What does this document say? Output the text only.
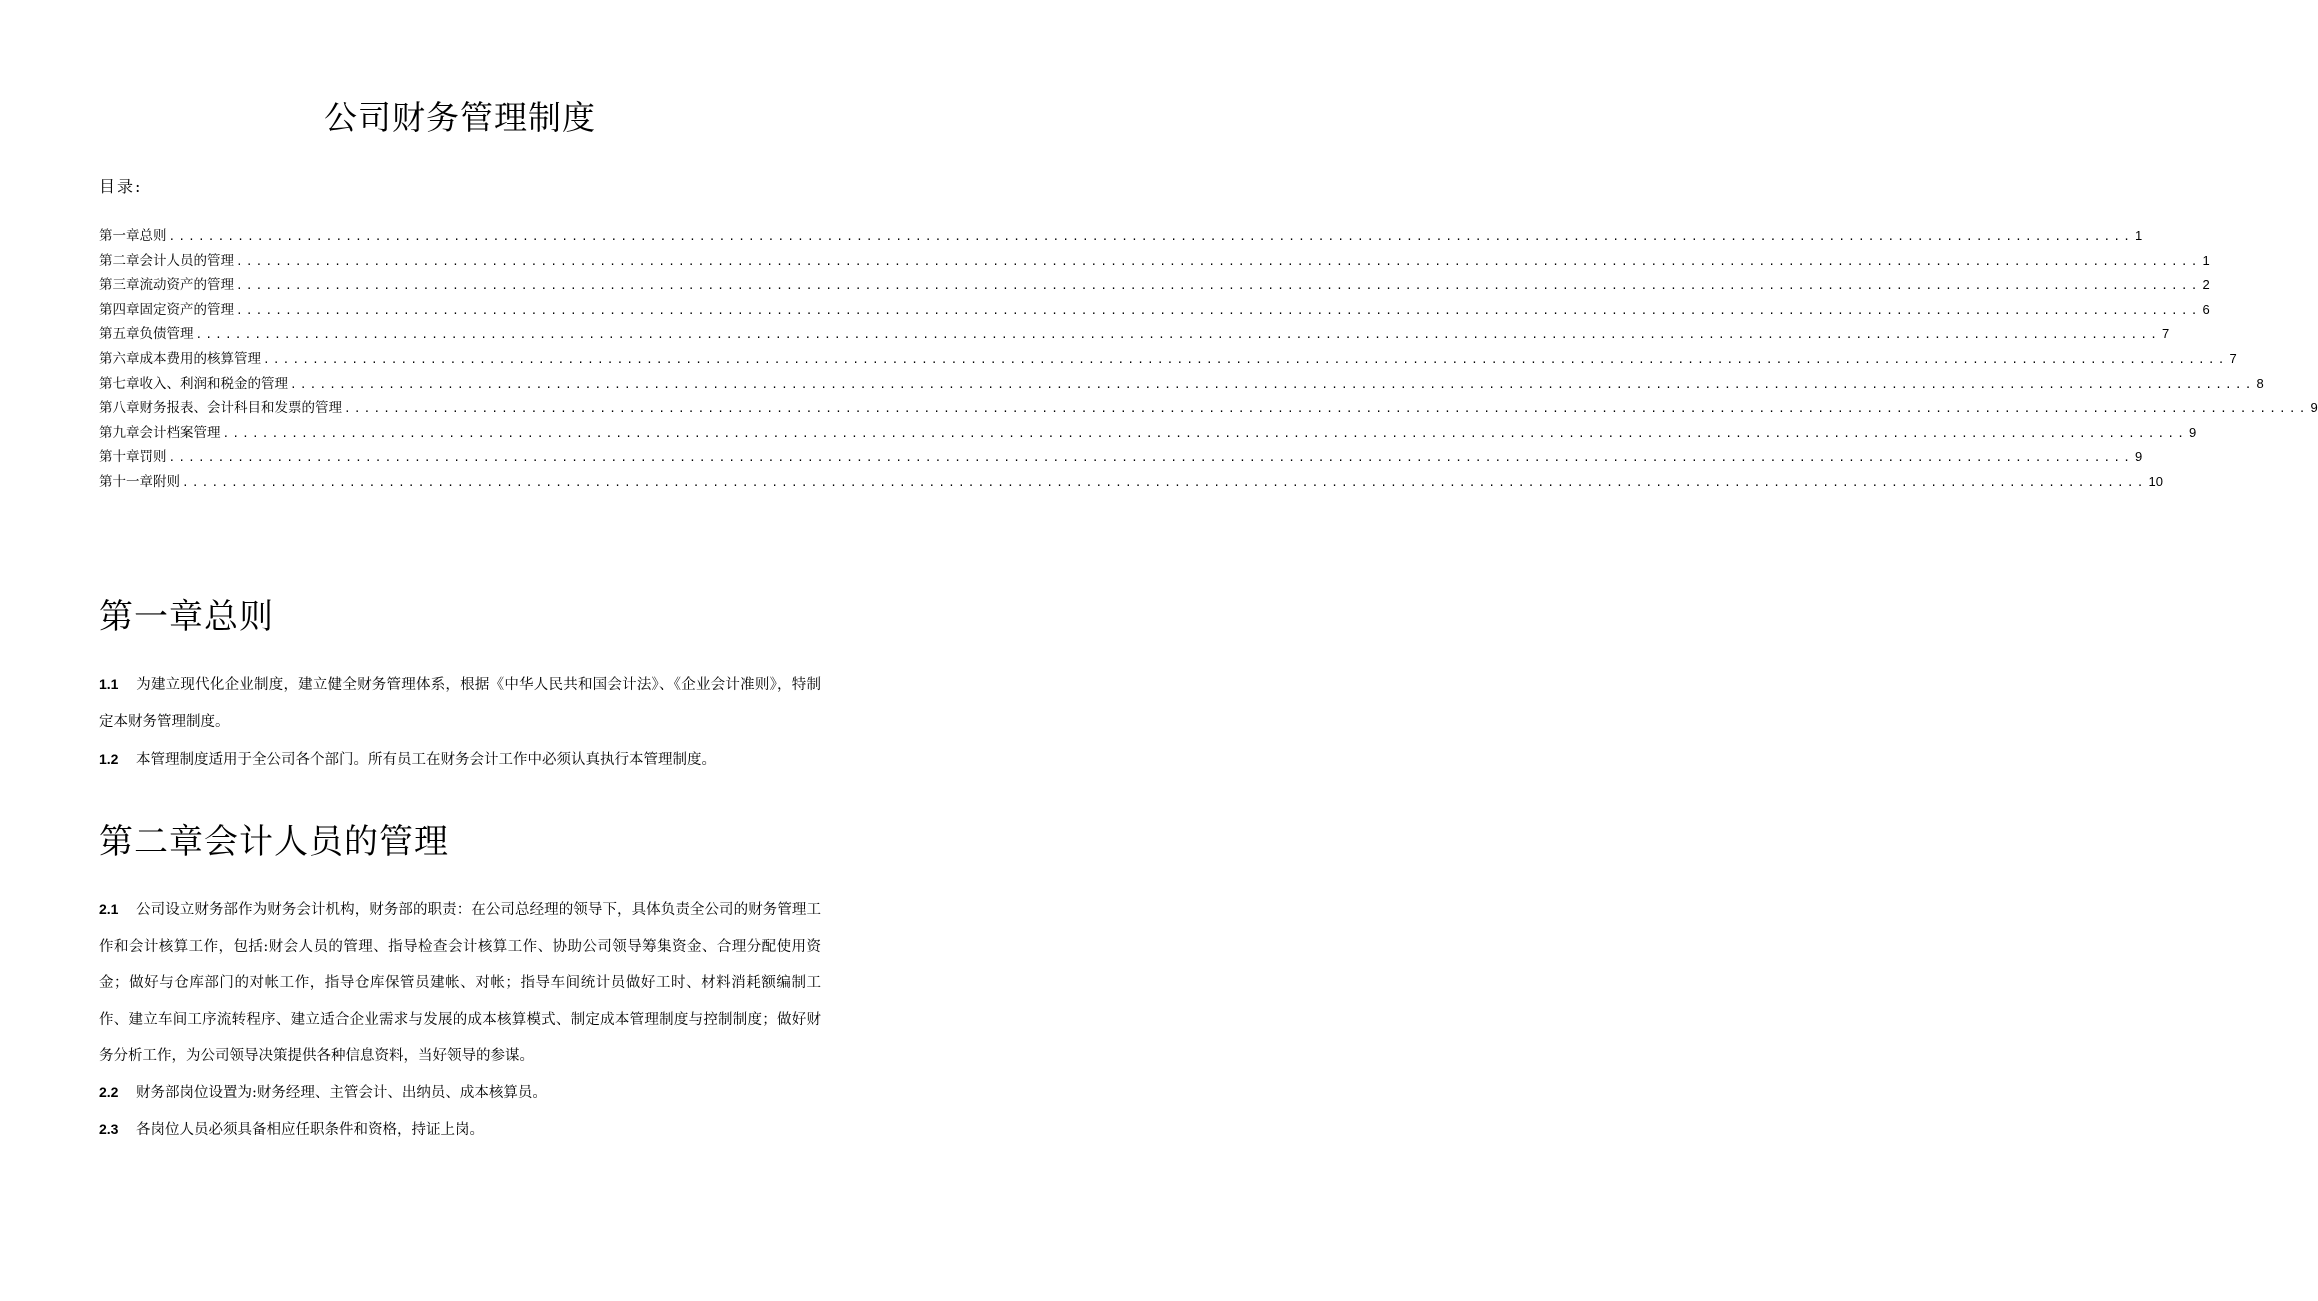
公司财务管理制度
目录:
第一章总则 ........................................................................................................................................................................................................ 1
第二章会计人员的管理 ........................................................................................................................................................................................................ 1
第三章流动资产的管理 ........................................................................................................................................................................................................ 2
第四章固定资产的管理 ........................................................................................................................................................................................................ 6
第五章负债管理 ........................................................................................................................................................................................................ 7
第六章成本费用的核算管理 ........................................................................................................................................................................................................ 7
第七章收入、利润和税金的管理 ........................................................................................................................................................................................................ 8
第八章财务报表、会计科目和发票的管理 ........................................................................................................................................................................................................ 9
第九章会计档案管理 ........................................................................................................................................................................................................ 9
第十章罚则 ........................................................................................................................................................................................................ 9
第十一章附则 ........................................................................................................................................................................................................ 10
第一章总则
1.1 为建立现代化企业制度，建立健全财务管理体系，根据《中华人民共和国会计法》、《企业会计准则》，特制定本财务管理制度。
1.2 本管理制度适用于全公司各个部门。所有员工在财务会计工作中必须认真执行本管理制度。
第二章会计人员的管理
2.1 公司设立财务部作为财务会计机构，财务部的职责：在公司总经理的领导下，具体负责全公司的财务管理工作和会计核算工作，包括:财会人员的管理、指导检查会计核算工作、协助公司领导筹集资金、合理分配使用资金；做好与仓库部门的对帐工作，指导仓库保管员建帐、对帐；指导车间统计员做好工时、材料消耗额编制工作、建立车间工序流转程序、建立适合企业需求与发展的成本核算模式、制定成本管理制度与控制制度；做好财务分析工作，为公司领导决策提供各种信息资料，当好领导的参谋。
2.2 财务部岗位设置为:财务经理、主管会计、出纳员、成本核算员。
2.3 各岗位人员必须具备相应任职条件和资格，持证上岗。
